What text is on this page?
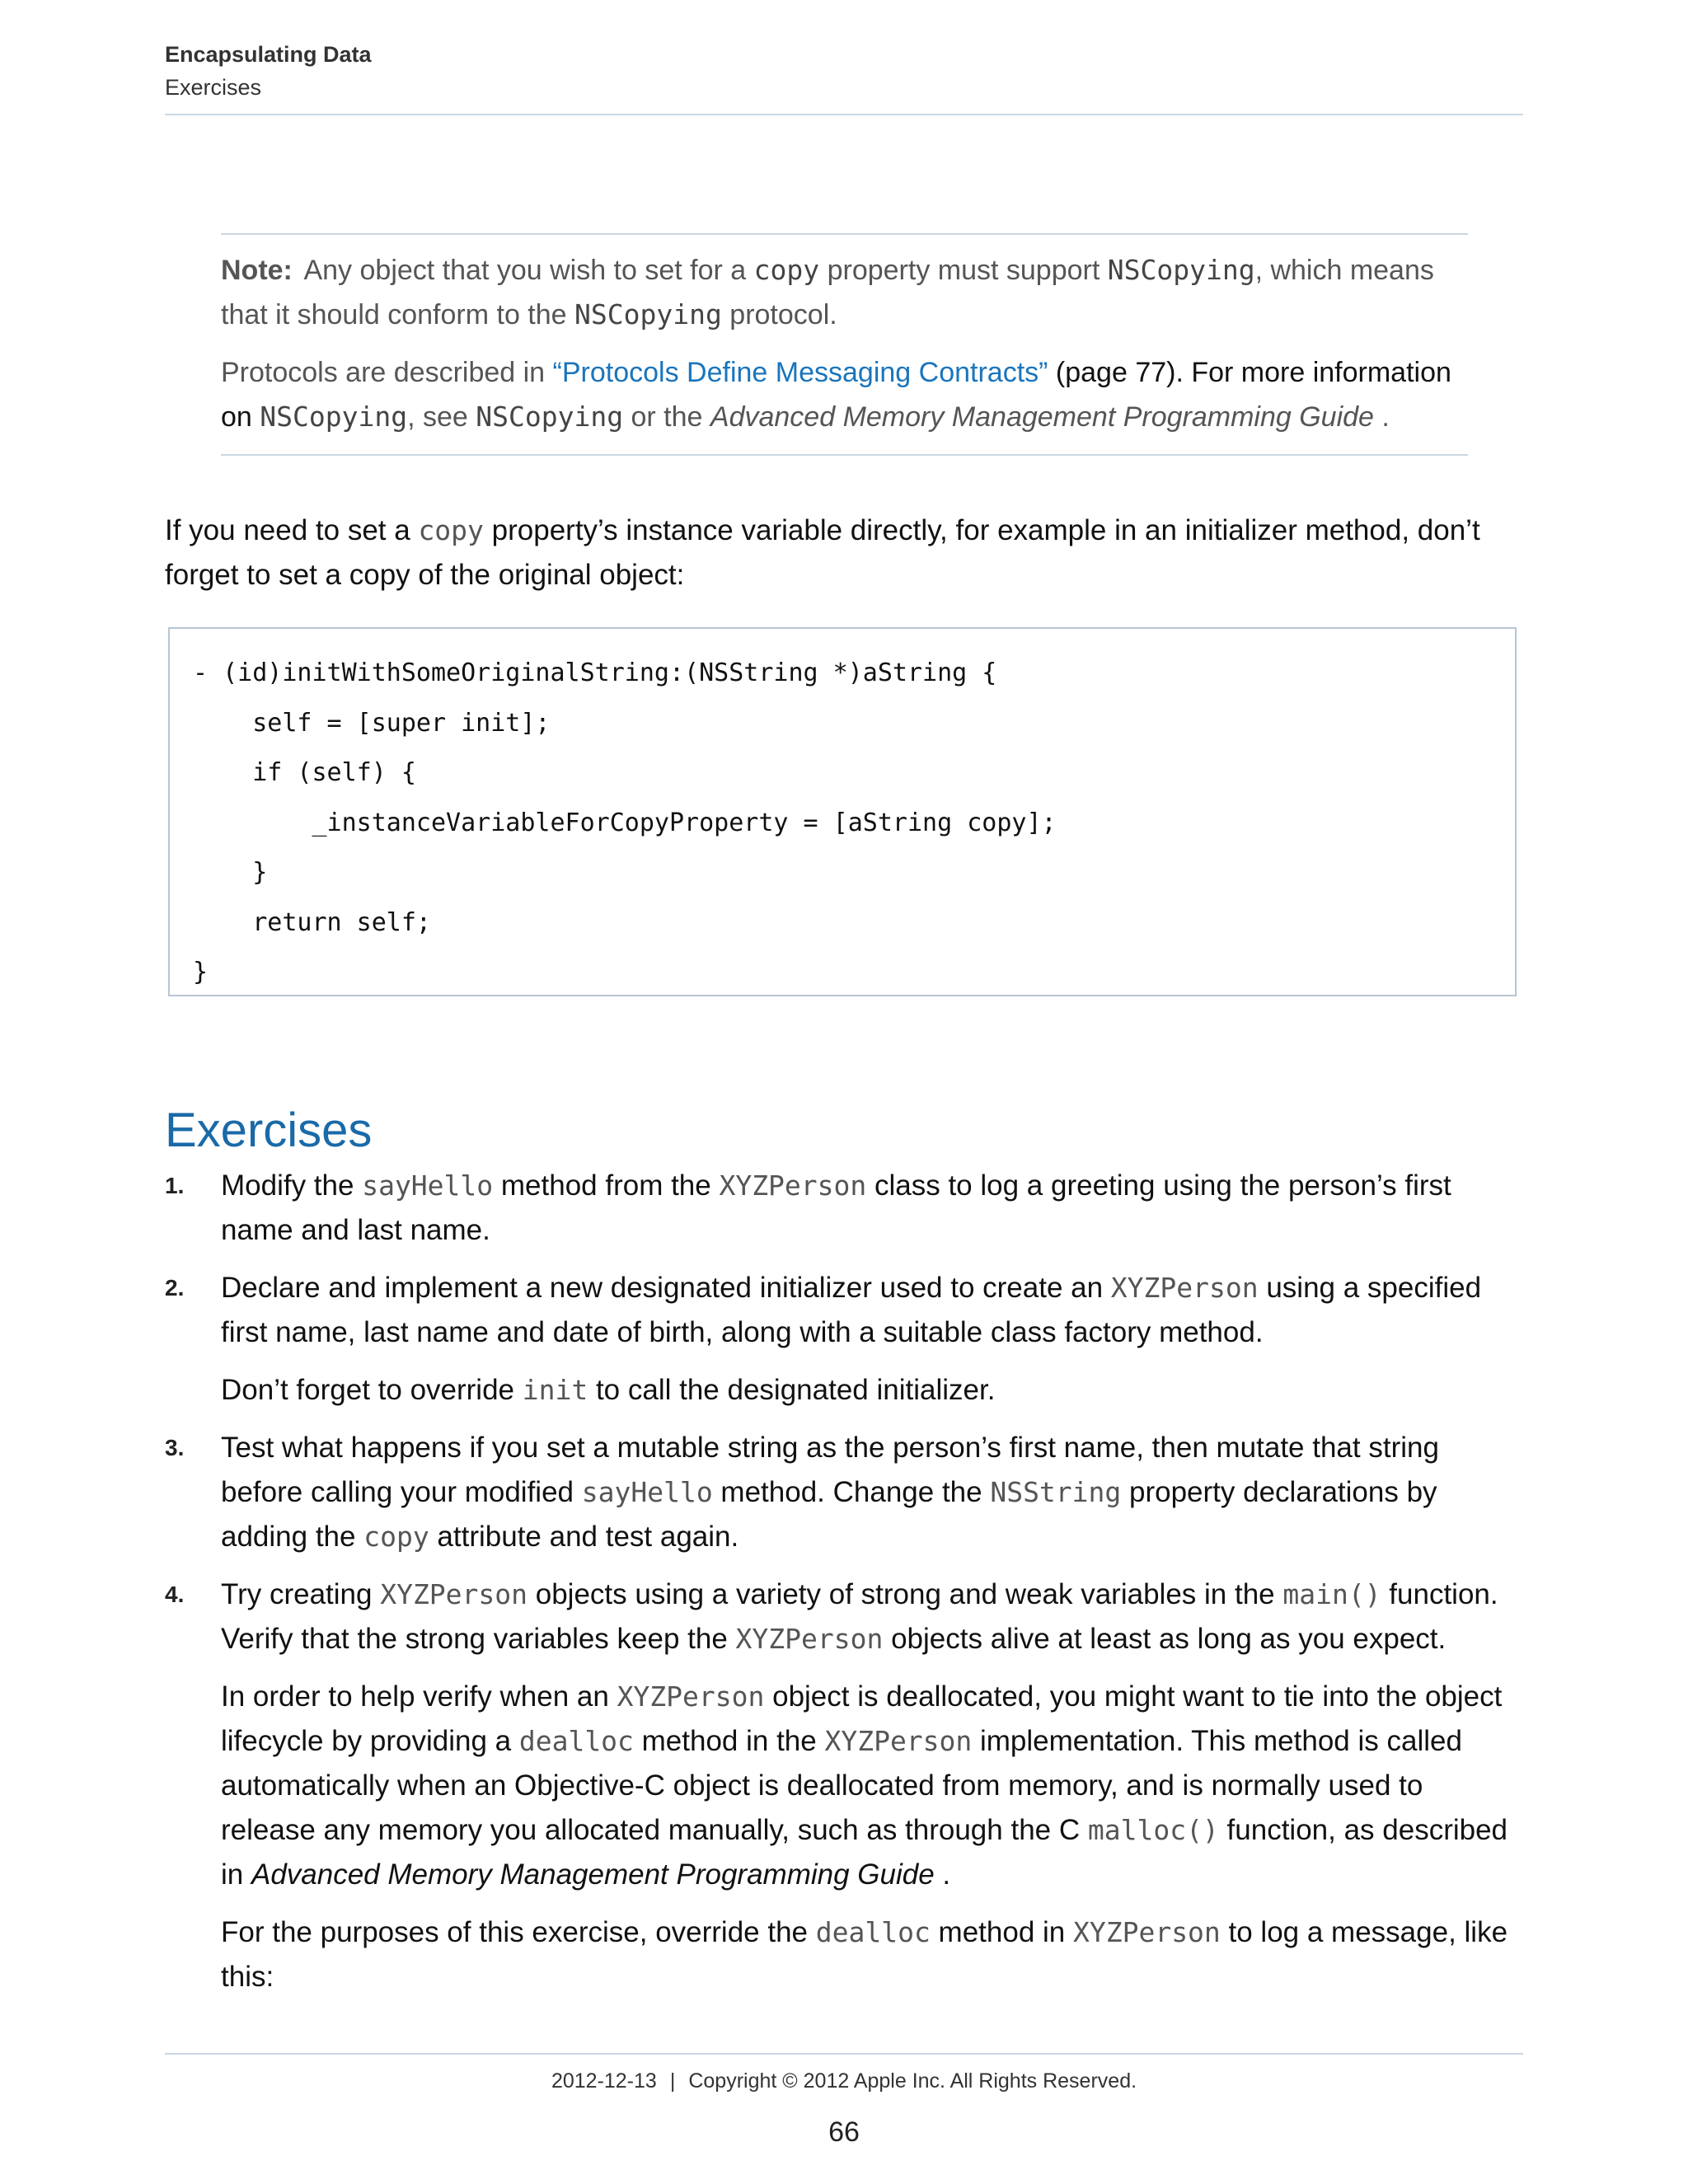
Encapsulating Data
Exercises

Note: Any object that you wish to set for a copy property must support NSCopying, which means that it should conform to the NSCopying protocol.

Protocols are described in “Protocols Define Messaging Contracts” (page 77). For more information on NSCopying, see NSCopying or the Advanced Memory Management Programming Guide .

If you need to set a copy property’s instance variable directly, for example in an initializer method, don’t forget to set a copy of the original object:

- (id)initWithSomeOriginalString:(NSString *)aString {
self = [super init];
if (self) {
_instanceVariableForCopyProperty = [aString copy];
}
return self;
}
Exercises
1. Modify the sayHello method from the XYZPerson class to log a greeting using the person’s first name and last name.

2. Declare and implement a new designated initializer used to create an XYZPerson using a specified first name, last name and date of birth, along with a suitable class factory method.

Don’t forget to override init to call the designated initializer.

3. Test what happens if you set a mutable string as the person’s first name, then mutate that string before calling your modified sayHello method. Change the NSString property declarations by adding the copy attribute and test again.

4. Try creating XYZPerson objects using a variety of strong and weak variables in the main() function. Verify that the strong variables keep the XYZPerson objects alive at least as long as you expect.

In order to help verify when an XYZPerson object is deallocated, you might want to tie into the object lifecycle by providing a dealloc method in the XYZPerson implementation. This method is called automatically when an Objective-C object is deallocated from memory, and is normally used to release any memory you allocated manually, such as through the C malloc() function, as described in Advanced Memory Management Programming Guide .

For the purposes of this exercise, override the dealloc method in XYZPerson to log a message, like this:

2012-12-13 | Copyright © 2012 Apple Inc. All Rights Reserved.
66
